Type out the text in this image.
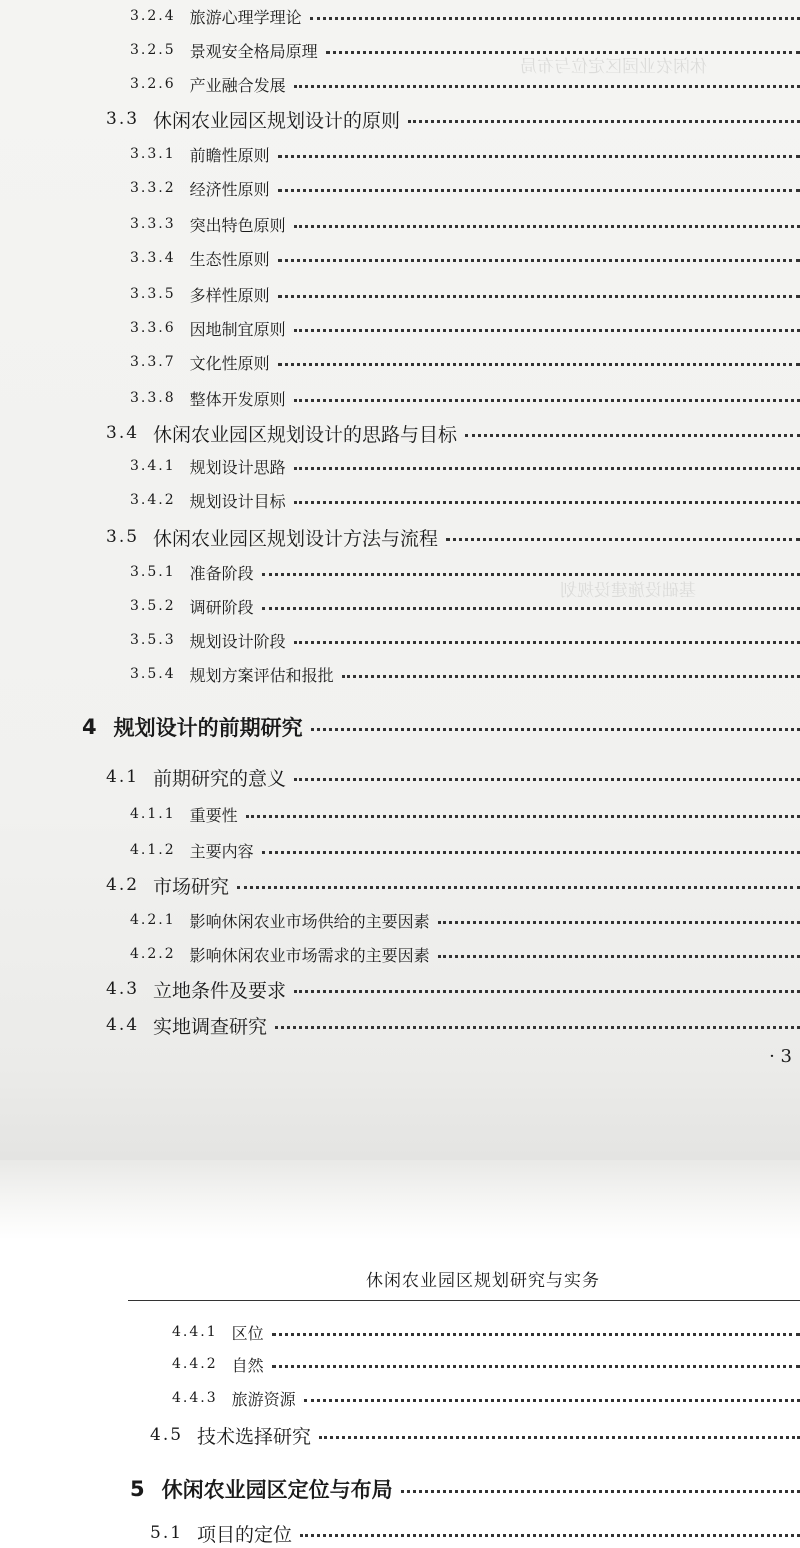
休闲农业园区定位与布局
基础设施建设规划
3.2.4 旅游心理学理论
3.2.5 景观安全格局原理
3.2.6 产业融合发展
3.3 休闲农业园区规划设计的原则
3.3.1 前瞻性原则
3.3.2 经济性原则
3.3.3 突出特色原则
3.3.4 生态性原则
3.3.5 多样性原则
3.3.6 因地制宜原则
3.3.7 文化性原则
3.3.8 整体开发原则
3.4 休闲农业园区规划设计的思路与目标
3.4.1 规划设计思路
3.4.2 规划设计目标
3.5 休闲农业园区规划设计方法与流程
3.5.1 准备阶段
3.5.2 调研阶段
3.5.3 规划设计阶段
3.5.4 规划方案评估和报批
4 规划设计的前期研究
4.1 前期研究的意义
4.1.1 重要性
4.1.2 主要内容
4.2 市场研究
4.2.1 影响休闲农业市场供给的主要因素
4.2.2 影响休闲农业市场需求的主要因素
4.3 立地条件及要求
4.4 实地调查研究
· 3
休闲农业园区规划研究与实务
4.4.1 区位
4.4.2 自然
4.4.3 旅游资源
4.5 技术选择研究
5 休闲农业园区定位与布局
5.1 项目的定位
